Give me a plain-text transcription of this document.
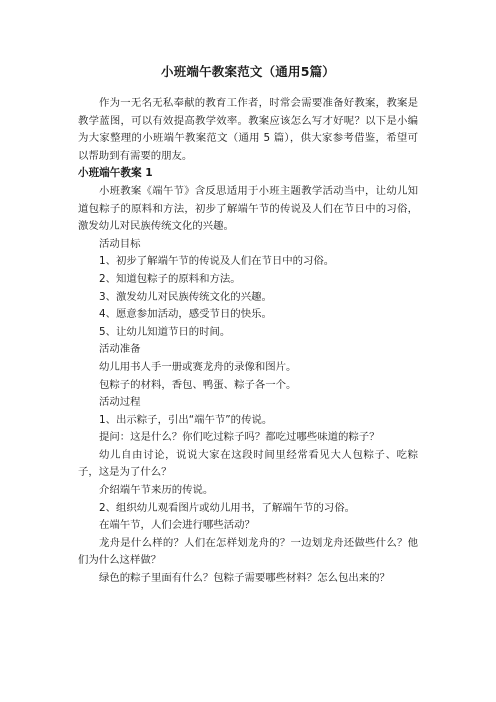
小班端午教案范文（通用5篇）

作为一无名无私奉献的教育工作者，时常会需要准备好教案，教案是教学蓝图，可以有效提高教学效率。教案应该怎么写才好呢？以下是小编为大家整理的小班端午教案范文（通用 5 篇），供大家参考借鉴，希望可以帮助到有需要的朋友。

小班端午教案 1

小班教案《端午节》含反思适用于小班主题教学活动当中，让幼儿知道包粽子的原料和方法，初步了解端午节的传说及人们在节日中的习俗，激发幼儿对民族传统文化的兴趣。

活动目标

1、初步了解端午节的传说及人们在节日中的习俗。

2、知道包粽子的原料和方法。

3、激发幼儿对民族传统文化的兴趣。

4、愿意参加活动，感受节日的快乐。

5、让幼儿知道节日的时间。

活动准备

幼儿用书人手一册或赛龙舟的录像和图片。

包粽子的材料，香包、鸭蛋、粽子各一个。

活动过程

1、出示粽子，引出“端午节”的传说。

提问：这是什么？你们吃过粽子吗？都吃过哪些味道的粽子？

幼儿自由讨论，说说大家在这段时间里经常看见大人包粽子、吃粽子，这是为了什么？

介绍端午节来历的传说。

2、组织幼儿观看图片或幼儿用书，了解端午节的习俗。

在端午节，人们会进行哪些活动？

龙舟是什么样的？人们在怎样划龙舟的？一边划龙舟还做些什么？他们为什么这样做？

绿色的粽子里面有什么？包粽子需要哪些材料？怎么包出来的？
